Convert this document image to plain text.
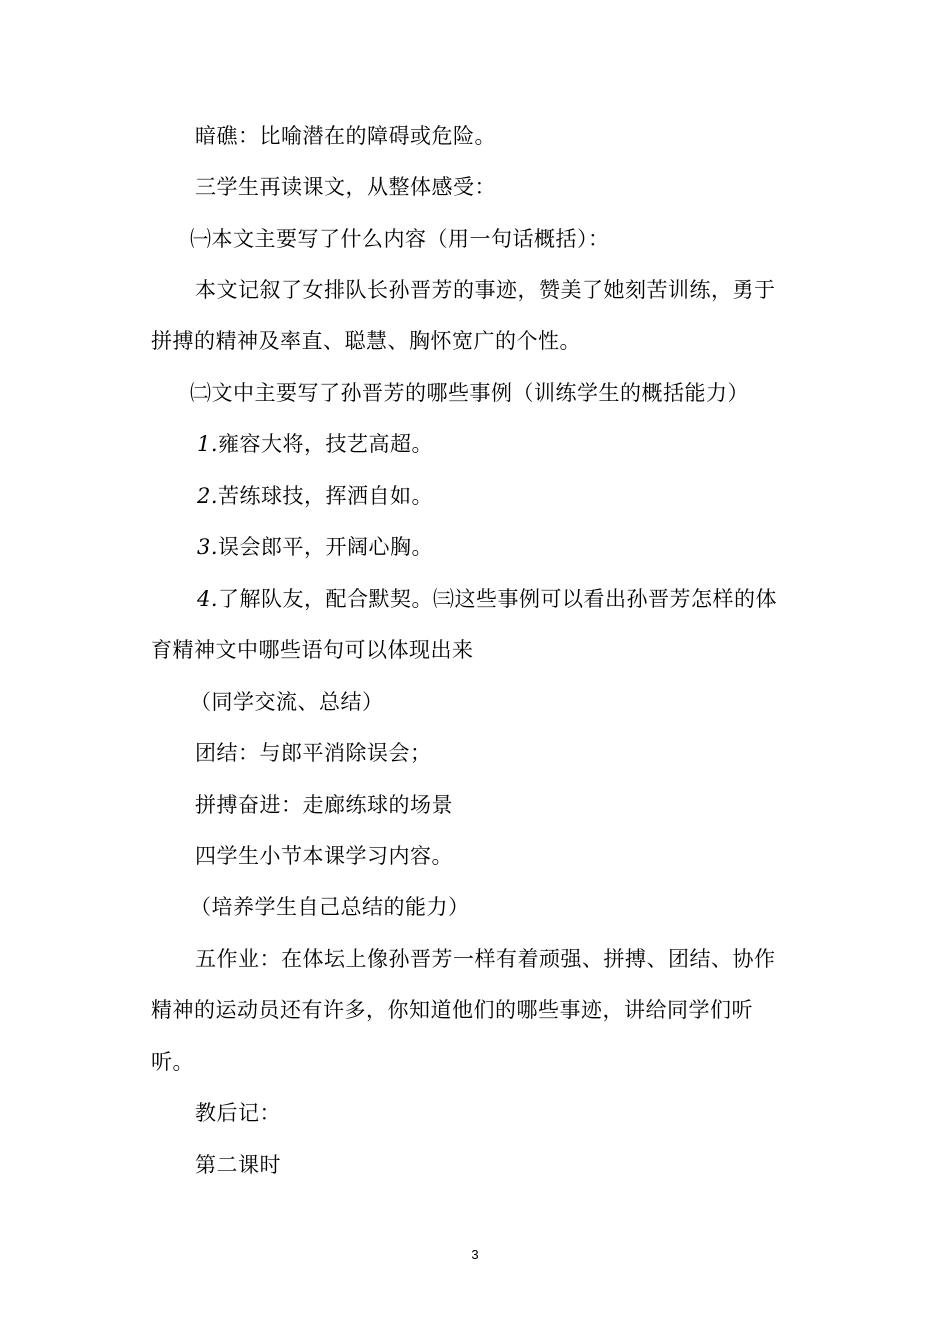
暗礁：比喻潜在的障碍或危险。
三学生再读课文，从整体感受：
㈠本文主要写了什么内容（用一句话概括）：
本文记叙了女排队长孙晋芳的事迹，赞美了她刻苦训练，勇于
拼搏的精神及率直、聪慧、胸怀宽广的个性。
㈡文中主要写了孙晋芳的哪些事例（训练学生的概括能力）
1.雍容大将，技艺高超。
2.苦练球技，挥洒自如。
3.误会郎平，开阔心胸。
4.了解队友，配合默契。㈢这些事例可以看出孙晋芳怎样的体
育精神文中哪些语句可以体现出来
（同学交流、总结）
团结：与郎平消除误会；
拼搏奋进：走廊练球的场景
四学生小节本课学习内容。
（培养学生自己总结的能力）
五作业：在体坛上像孙晋芳一样有着顽强、拼搏、团结、协作
精神的运动员还有许多，你知道他们的哪些事迹，讲给同学们听
听。
教后记：
第二课时
3
